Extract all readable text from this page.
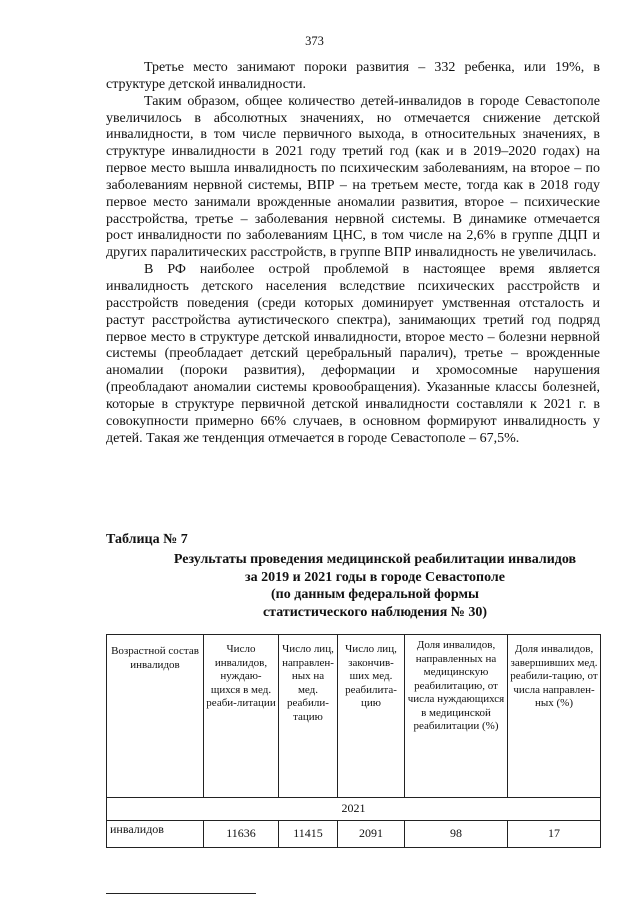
373

Третье место занимают пороки развития – 332 ребенка, или 19%, в структуре детской инвалидности.

Таким образом, общее количество детей-инвалидов в городе Севастополе увеличилось в абсолютных значениях, но отмечается снижение детской инвалидности, в том числе первичного выхода, в относительных значениях, в структуре инвалидности в 2021 году третий год (как и в 2019–2020 годах) на первое место вышла инвалидность по психическим заболеваниям, на второе – по заболеваниям нервной системы, ВПР – на третьем месте, тогда как в 2018 году первое место занимали врожденные аномалии развития, второе – психические расстройства, третье – заболевания нервной системы. В динамике отмечается рост инвалидности по заболеваниям ЦНС, в том числе на 2,6% в группе ДЦП и других паралитических расстройств, в группе ВПР инвалидность не увеличилась.

В РФ наиболее острой проблемой в настоящее время является инвалидность детского населения вследствие психических расстройств и расстройств поведения (среди которых доминирует умственная отсталость и растут расстройства аутистического спектра), занимающих третий год подряд первое место в структуре детской инвалидности, второе место – болезни нервной системы (преобладает детский церебральный паралич), третье – врожденные аномалии (пороки развития), деформации и хромосомные нарушения (преобладают аномалии системы кровообращения). Указанные классы болезней, которые в структуре первичной детской инвалидности составляли к 2021 г. в совокупности примерно 66% случаев, в основном формируют инвалидность у детей. Такая же тенденция отмечается в городе Севастополе – 67,5%.

Таблица № 7
Результаты проведения медицинской реабилитации инвалидов
за 2019 и 2021 годы в городе Севастополе
(по данным федеральной формы
статистического наблюдения № 30)
Возрастной состав инвалидов	Число инвалидов, нуждаю-щихся в мед. реаби-литации	Число лиц, направлен-ных на мед. реабили-тацию	Число лиц, закончив-ших мед. реабилита-цию	Доля инвалидов, направленных на медицинскую реабилитацию, от числа нуждающихся в медицинской реабилитации (%)	Доля инвалидов, завершивших мед. реабили-тацию, от числа направлен-ных (%)
2021					
инвалидов	11636	11415	2091	98	17
